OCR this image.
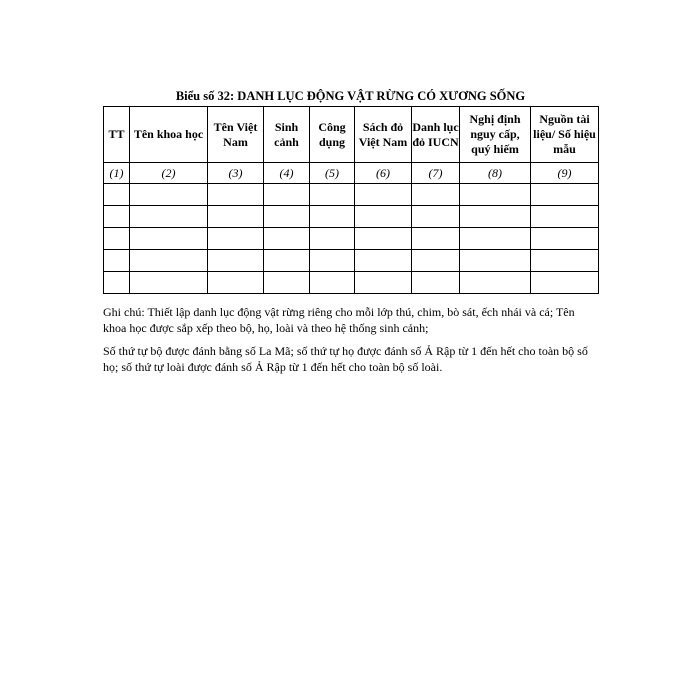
Biểu số 32: DANH LỤC ĐỘNG VẬT RỪNG CÓ XƯƠNG SỐNG
TT	Tên khoa học	Tên Việt Nam	Sinh cảnh	Công dụng	Sách đỏ Việt Nam	Danh lục đỏ IUCN	Nghị định nguy cấp, quý hiếm	Nguồn tài liệu/ Số hiệu mẫu
(1)	(2)	(3)	(4)	(5)	(6)	(7)	(8)	(9)

Ghi chú: Thiết lập danh lục động vật rừng riêng cho mỗi lớp thú, chim, bò sát, ếch nhái và cá; Tên khoa học được sắp xếp theo bộ, họ, loài và theo hệ thống sinh cảnh;

Số thứ tự bộ được đánh bằng số La Mã; số thứ tự họ được đánh số Ả Rập từ 1 đến hết cho toàn bộ số họ; số thứ tự loài được đánh số Ả Rập từ 1 đến hết cho toàn bộ số loài.
